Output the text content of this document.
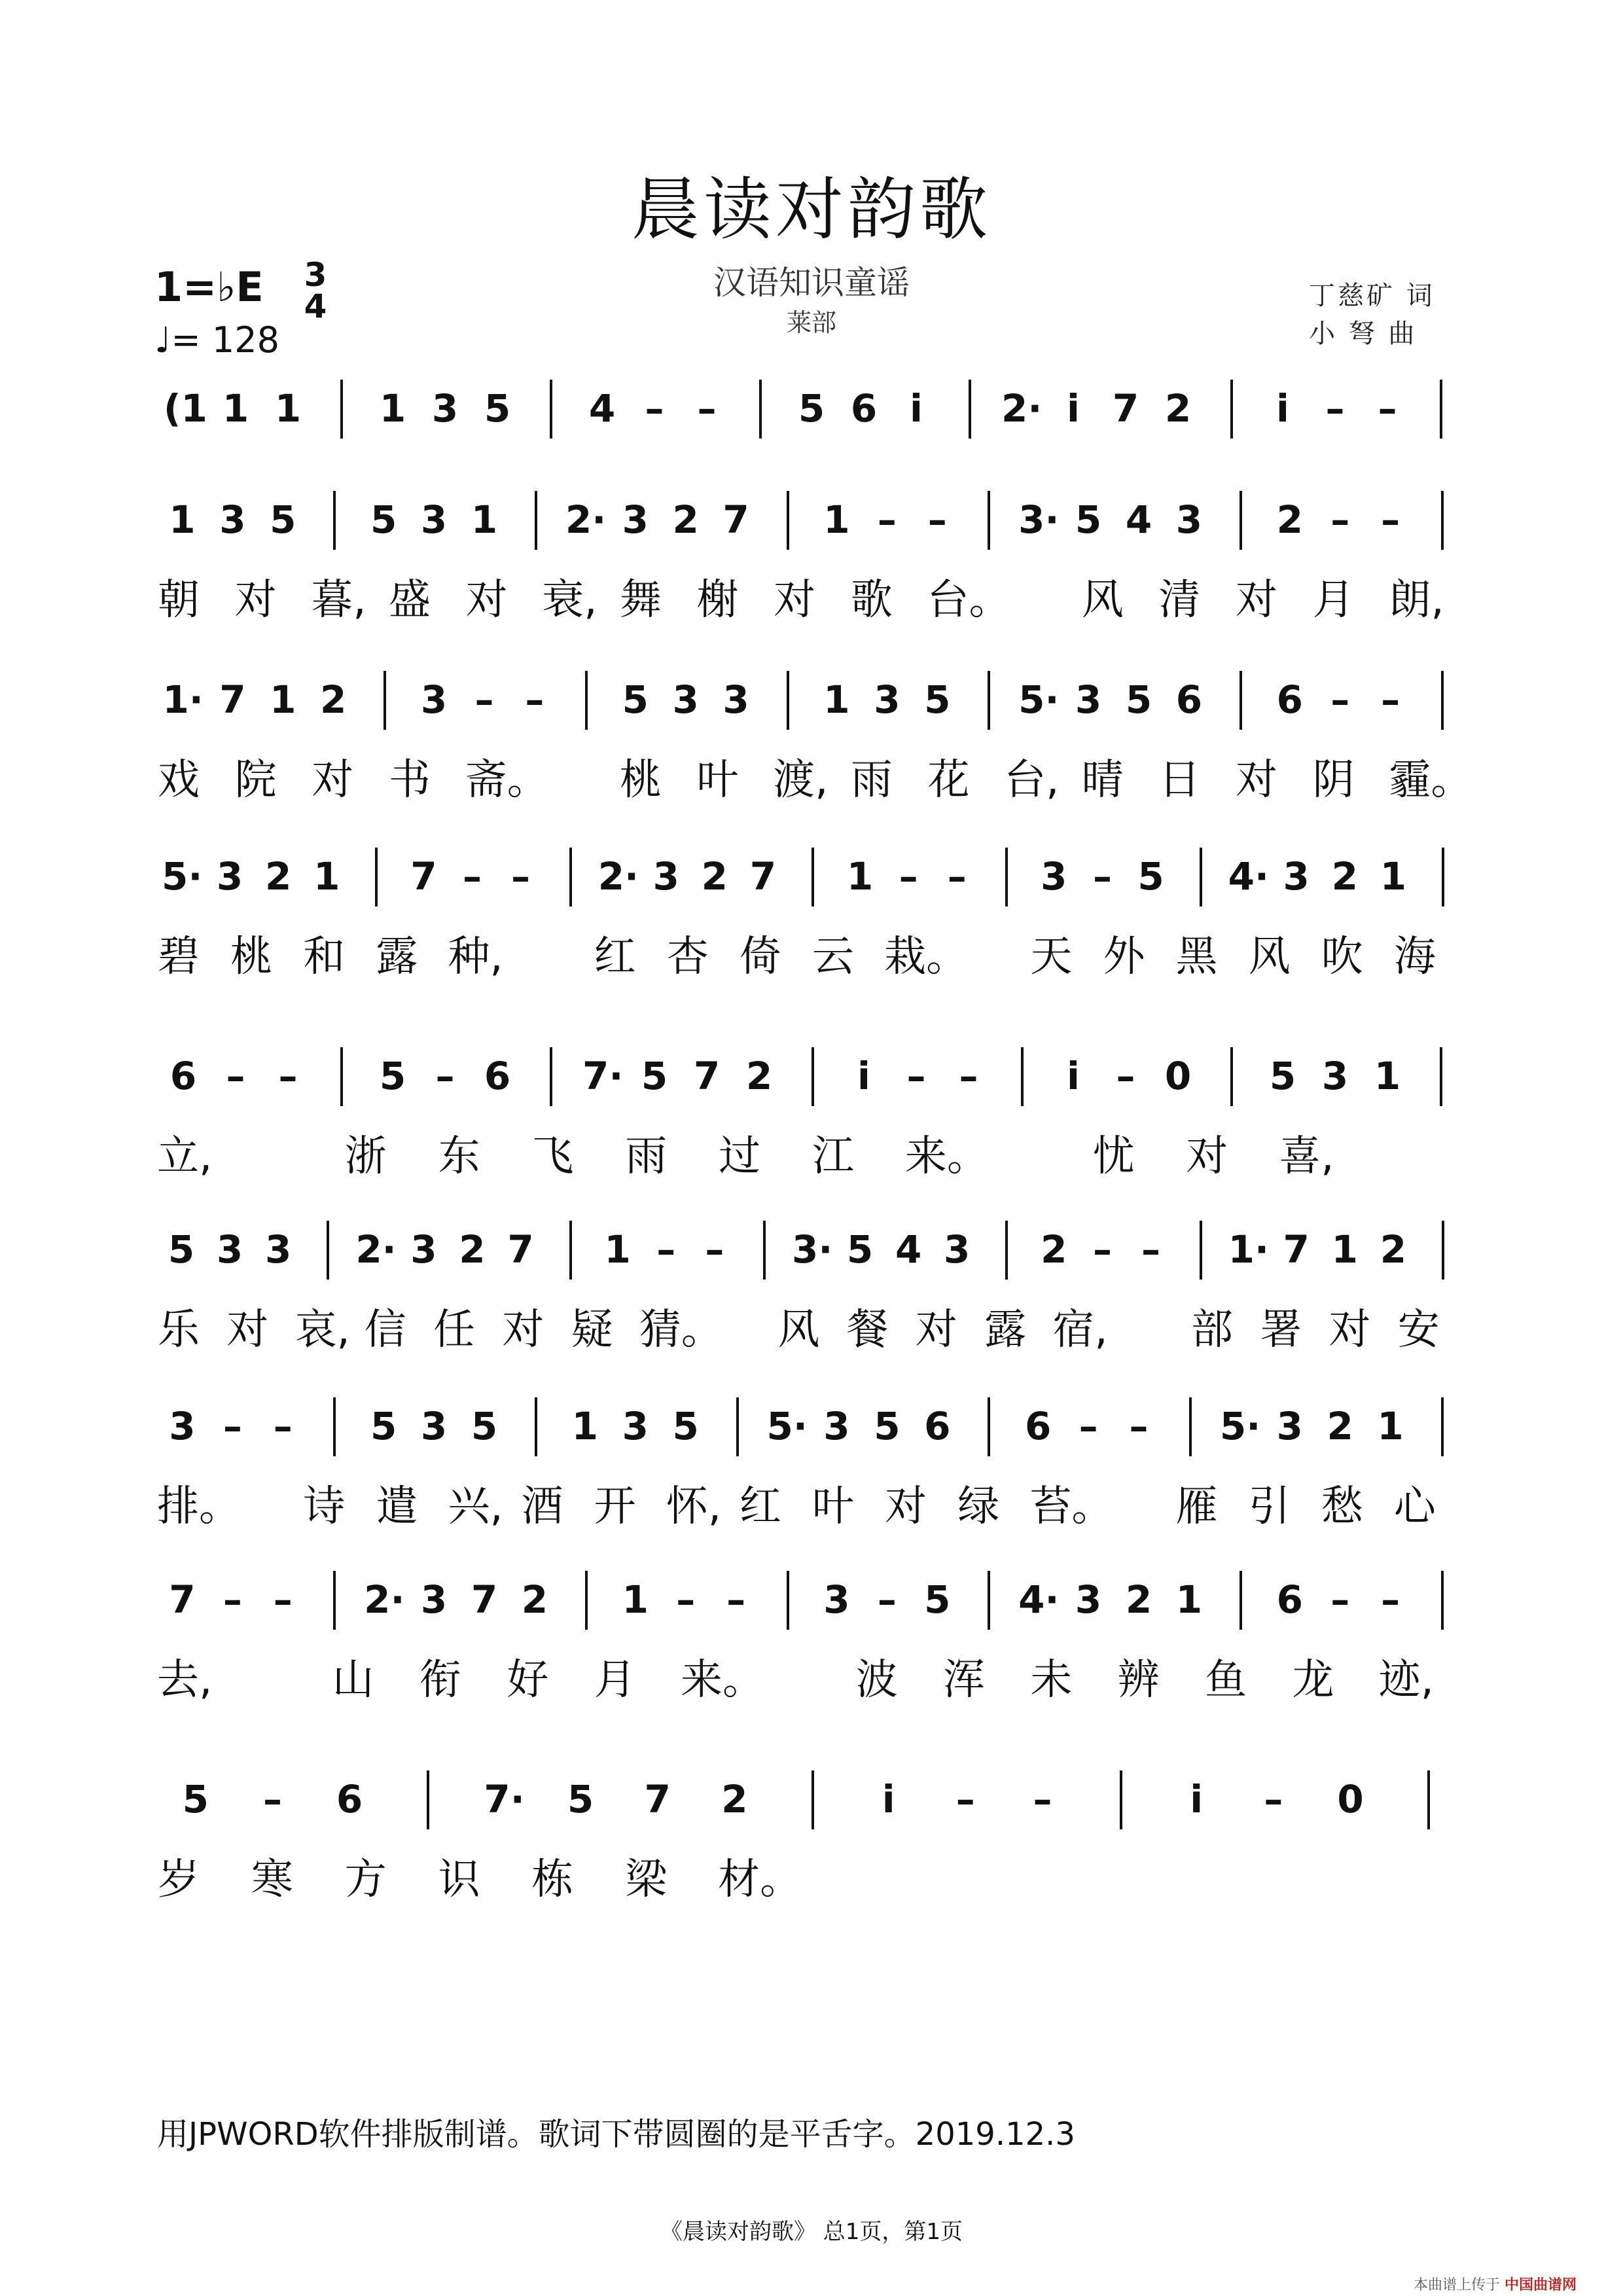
晨读对韵歌
汉语知识童谣
莱部
1=♭E 3
4
♩= 128
丁慈矿 词
小 弩 曲
(1 1 1 1 3 5 4 – – 5 6 i	2· i 7 2	i – –
1 3 5 5 3 1 2· 3 2 7 1 – – 3· 5 4 3 2 – –
朝 对 暮, 盛 对 衰, 舞 榭 对 歌 台。 风 清 对 月 朗,
1· 7 1 2 3 – – 5 3 3 1 3 5 5· 3 5 6 6 – –
戏 院 对 书 斋。 桃 叶 渡, 雨 花 台, 晴 日 对 阴 霾。
5· 3 2 1 7 – – 2· 3 2 7 1 – – 3 – 5 4· 3 2 1
碧 桃 和 露 种, 红 杏 倚 云 栽。 天 外 黑 风 吹 海
6 – – 5 – 6 7· 5 7 2	i – –	i – 0 5 3 1
立,	浙 东 飞 雨 过 江 来。 忧 对 喜,
5 3 3 2· 3 2 7 1 – – 3· 5 4 3 2 – – 1· 7 1 2
乐 对 哀, 信 任 对 疑 猜。 风 餐 对 露 宿, 部 署 对 安
3 – – 5 3 5 1 3 5 5· 3 5 6 6 – – 5· 3 2 1
排。 诗 遣 兴, 酒 开 怀, 红 叶 对 绿 苔。 雁 引 愁 心
7 – – 2· 3 7 2 1 – – 3 – 5 4· 3 2 1 6 – –
去,	山 衔 好 月 来。 波 浑 未 辨 鱼 龙 迹,
5 – 6	7· 5 7 2	i	– –	i	– 0
岁 寒 方 识 栋 梁 材。
用JPWORD软件排版制谱。歌词下带圆圈的是平舌字。2019.12.3
《晨读对韵歌》 总1页，第1页
本曲谱上传于 中国曲谱网
